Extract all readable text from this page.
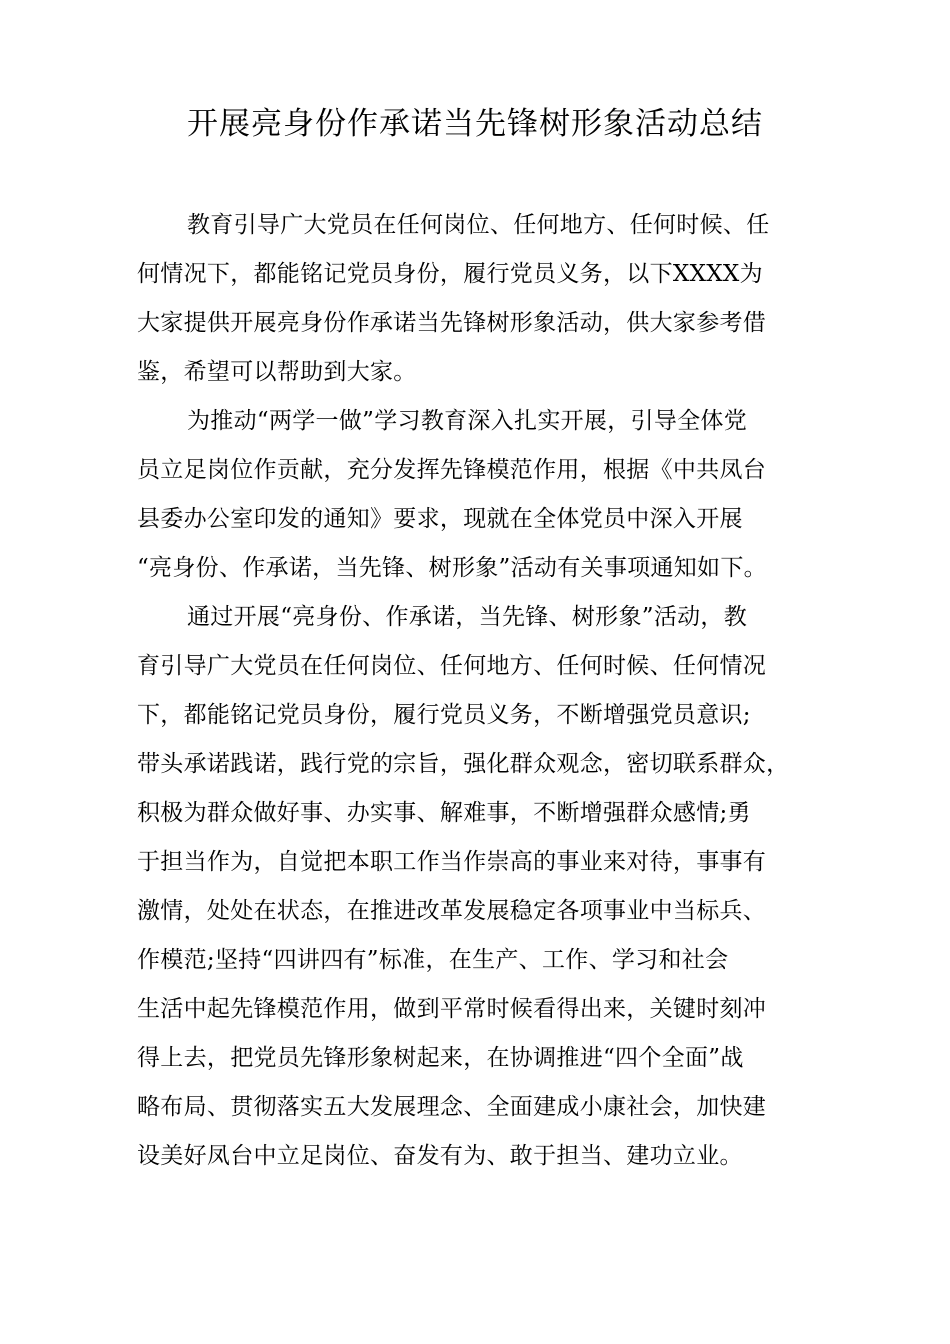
开展亮身份作承诺当先锋树形象活动总结
教育引导广大党员在任何岗位、任何地方、任何时候、任
何情况下，都能铭记党员身份，履行党员义务，以下XXXX为
大家提供开展亮身份作承诺当先锋树形象活动，供大家参考借
鉴，希望可以帮助到大家。
为推动“两学一做”学习教育深入扎实开展，引导全体党
员立足岗位作贡献，充分发挥先锋模范作用，根据《中共凤台
县委办公室印发的通知》要求，现就在全体党员中深入开展
“亮身份、作承诺，当先锋、树形象”活动有关事项通知如下。
通过开展“亮身份、作承诺，当先锋、树形象”活动，教
育引导广大党员在任何岗位、任何地方、任何时候、任何情况
下，都能铭记党员身份，履行党员义务，不断增强党员意识;
带头承诺践诺，践行党的宗旨，强化群众观念，密切联系群众，
积极为群众做好事、办实事、解难事，不断增强群众感情;勇
于担当作为，自觉把本职工作当作崇高的事业来对待，事事有
激情，处处在状态，在推进改革发展稳定各项事业中当标兵、
作模范;坚持“四讲四有”标准，在生产、工作、学习和社会
生活中起先锋模范作用，做到平常时候看得出来，关键时刻冲
得上去，把党员先锋形象树起来，在协调推进“四个全面”战
略布局、贯彻落实五大发展理念、全面建成小康社会，加快建
设美好凤台中立足岗位、奋发有为、敢于担当、建功立业。
